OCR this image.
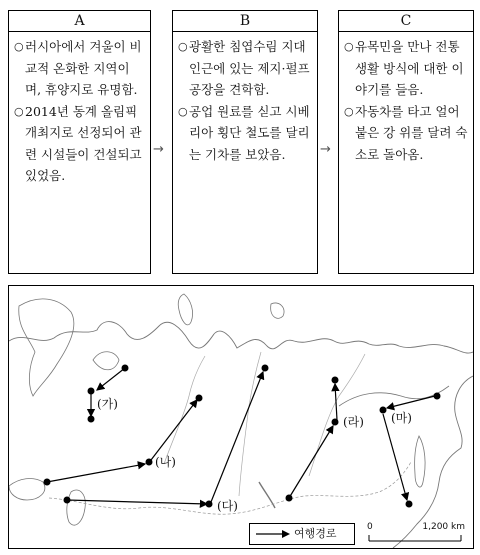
A
○ 러시아에서 겨울이 비교적 온화한 지역이며, 휴양지로 유명함.
○ 2014년 동계 올림픽 개최지로 선정되어 관련 시설들이 건설되고 있었음.
→
B
○ 광활한 침엽수림 지대 인근에 있는 제지·펄프 공장을 견학함.
○ 공업 원료를 싣고 시베리아 횡단 철도를 달리는 기차를 보았음.	→
C
○ 유목민을 만나 전통 생활 방식에 대한 이야기를 들음.
○ 자동차를 타고 얼어붙은 강 위를 달려 숙소로 돌아옴.
(가)
(나)
(다)
(라) (마)
여행경로	0	1,200 km
